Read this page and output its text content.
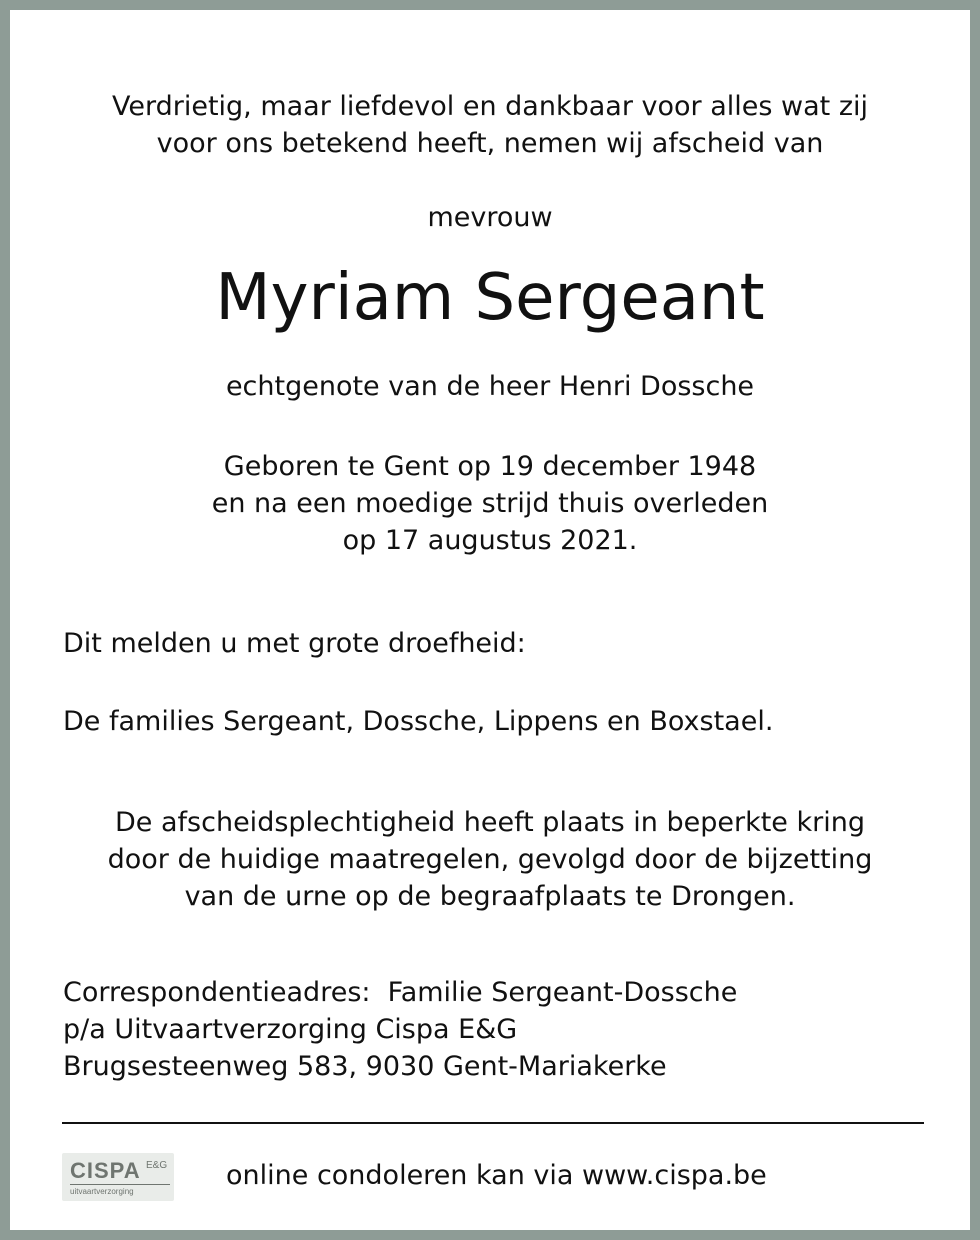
Verdrietig, maar liefdevol en dankbaar voor alles wat zij
voor ons betekend heeft, nemen wij afscheid van

mevrouw

Myriam Sergeant

echtgenote van de heer Henri Dossche

Geboren te Gent op 19 december 1948
en na een moedige strijd thuis overleden
op 17 augustus 2021.

Dit melden u met grote droefheid:

De families Sergeant, Dossche, Lippens en Boxstael.

De afscheidsplechtigheid heeft plaats in beperkte kring
door de huidige maatregelen, gevolgd door de bijzetting
van de urne op de begraafplaats te Drongen.

Correspondentieadres:  Familie Sergeant-Dossche
p/a Uitvaartverzorging Cispa E&G
Brugsesteenweg 583, 9030 Gent-Mariakerke

CISPA E&G
uitvaartverzorging

online condoleren kan via www.cispa.be
